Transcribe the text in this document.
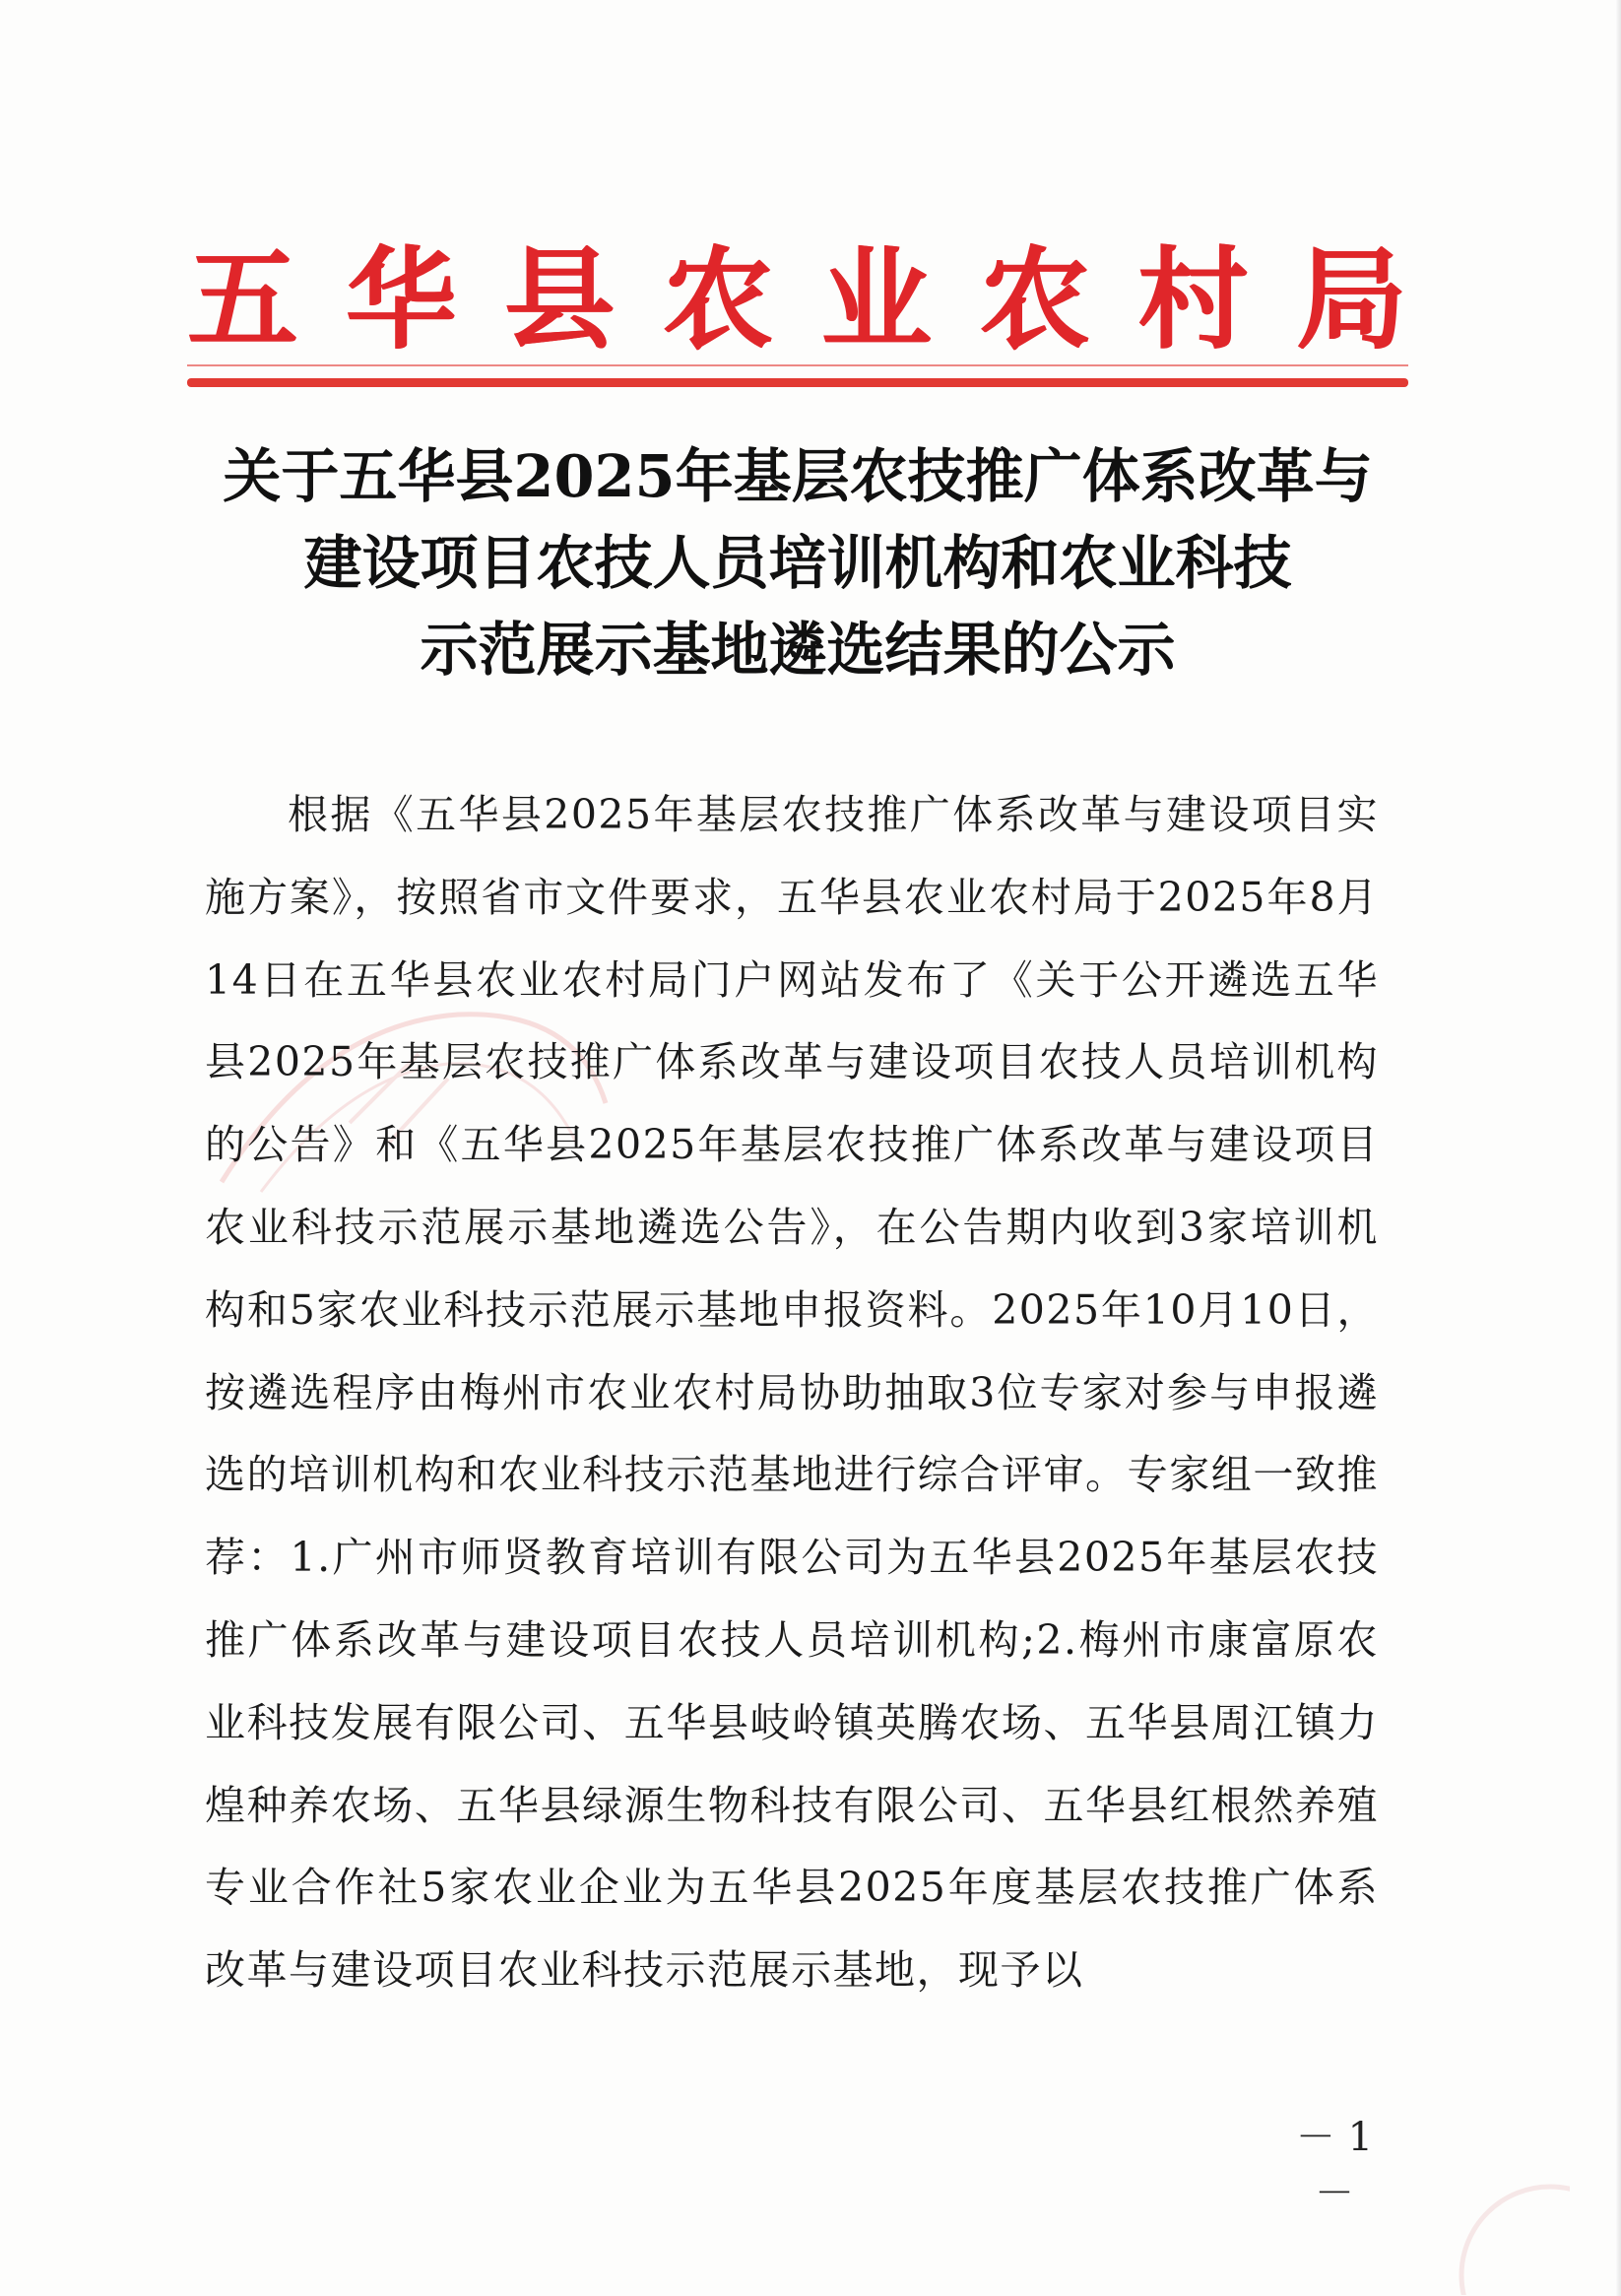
五 华 县 农 业 农 村 局
关于五华县2025年基层农技推广体系改革与
建设项目农技人员培训机构和农业科技
示范展示基地遴选结果的公示
根据《五华县2025年基层农技推广体系改革与建设项目实施方案》，按照省市文件要求，五华县农业农村局于2025年8月14日在五华县农业农村局门户网站发布了《关于公开遴选五华县2025年基层农技推广体系改革与建设项目农技人员培训机构的公告》和《五华县2025年基层农技推广体系改革与建设项目农业科技示范展示基地遴选公告》，在公告期内收到3家培训机构和5家农业科技示范展示基地申报资料。2025年10月10日，按遴选程序由梅州市农业农村局协助抽取3位专家对参与申报遴选的培训机构和农业科技示范基地进行综合评审。专家组一致推荐：1.广州市师贤教育培训有限公司为五华县2025年基层农技推广体系改革与建设项目农技人员培训机构;2.梅州市康富原农业科技发展有限公司、五华县岐岭镇英腾农场、五华县周江镇力煌种养农场、五华县绿源生物科技有限公司、五华县红根然养殖专业合作社5家农业企业为五华县2025年度基层农技推广体系改革与建设项目农业科技示范展示基地，现予以
－ 1 －
